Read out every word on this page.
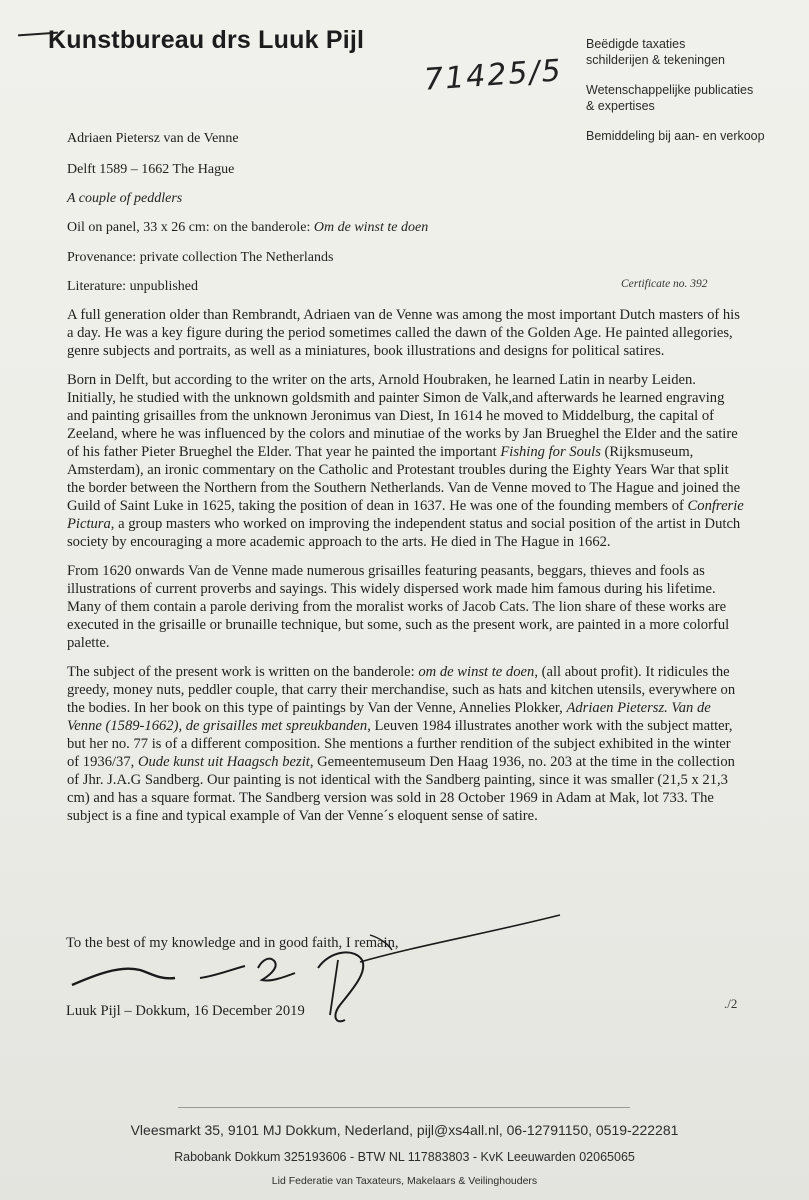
Kunstbureau drs Luuk Pijl	Beëdigde taxaties
schilderijen & tekeningen
Wetenschappelijke publicaties
& expertises
Bemiddeling bij aan- en verkoop
71425/5
Adriaen Pietersz van de Venne
Delft 1589 – 1662 The Hague
A couple of peddlers
Oil on panel, 33 x 26 cm: on the banderole: Om de winst te doen
Provenance: private collection The Netherlands
Literature: unpublished	Certificate no. 392

A full generation older than Rembrandt, Adriaen van de Venne was among the most important Dutch masters of his a day. He was a key figure during the period sometimes called the dawn of the Golden Age. He painted allegories, genre subjects and portraits, as well as a miniatures, book illustrations and designs for political satires.

Born in Delft, but according to the writer on the arts, Arnold Houbraken, he learned Latin in nearby Leiden. Initially, he studied with the unknown goldsmith and painter Simon de Valk,and afterwards he learned engraving and painting grisailles from the unknown Jeronimus van Diest, In 1614 he moved to Middelburg, the capital of Zeeland, where he was influenced by the colors and minutiae of the works by Jan Brueghel the Elder and the satire of his father Pieter Brueghel the Elder. That year he painted the important Fishing for Souls (Rijksmuseum, Amsterdam), an ironic commentary on the Catholic and Protestant troubles during the Eighty Years War that split the border between the Northern from the Southern Netherlands. Van de Venne moved to The Hague and joined the Guild of Saint Luke in 1625, taking the position of dean in 1637. He was one of the founding members of Confrerie Pictura, a group masters who worked on improving the independent status and social position of the artist in Dutch society by encouraging a more academic approach to the arts. He died in The Hague in 1662.

From 1620 onwards Van de Venne made numerous grisailles featuring peasants, beggars, thieves and fools as illustrations of current proverbs and sayings. This widely dispersed work made him famous during his lifetime. Many of them contain a parole deriving from the moralist works of Jacob Cats. The lion share of these works are executed in the grisaille or brunaille technique, but some, such as the present work, are painted in a more colorful palette.

The subject of the present work is written on the banderole: om de winst te doen, (all about profit). It ridicules the greedy, money nuts, peddler couple, that carry their merchandise, such as hats and kitchen utensils, everywhere on the bodies. In her book on this type of paintings by Van der Venne, Annelies Plokker, Adriaen Pietersz. Van de Venne (1589-1662), de grisailles met spreukbanden, Leuven 1984 illustrates another work with the subject matter, but her no. 77 is of a different composition. She mentions a further rendition of the subject exhibited in the winter of 1936/37, Oude kunst uit Haagsch bezit, Gemeentemuseum Den Haag 1936, no. 203 at the time in the collection of Jhr. J.A.G Sandberg. Our painting is not identical with the Sandberg painting, since it was smaller (21,5 x 21,3 cm) and has a square format. The Sandberg version was sold in 28 October 1969 in Adam at Mak, lot 733. The subject is a fine and typical example of Van der Venne´s eloquent sense of satire.

To the best of my knowledge and in good faith, I remain,
Luuk Pijl – Dokkum, 16 December 2019	./2
Vleesmarkt 35, 9101 MJ Dokkum, Nederland, pijl@xs4all.nl, 06-12791150, 0519-222281
Rabobank Dokkum 325193606 - BTW NL 117883803 - KvK Leeuwarden 02065065
Lid Federatie van Taxateurs, Makelaars & Veilinghouders
